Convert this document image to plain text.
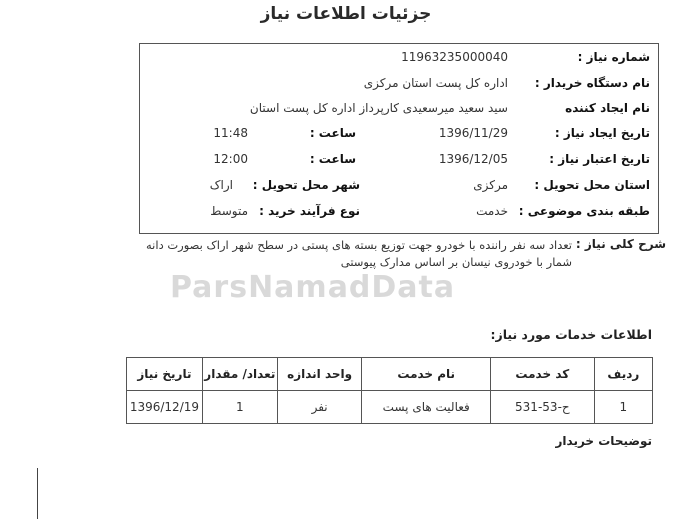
جزئیات اطلاعات نیاز
ParsNamadData
شماره نیاز :
11963235000040
نام دستگاه خریدار :
اداره کل پست استان مرکزی
نام ایجاد کننده
سید سعید میرسعیدی کارپرداز اداره کل پست استان
تاریخ ایجاد نیاز :
1396/11/29
ساعت :
11:48
تاریخ اعتبار نیاز :
1396/12/05
ساعت :
12:00
استان محل تحویل :
مرکزی
شهر محل تحویل :
اراک
طبقه بندی موضوعی :
خدمت
نوع فرآیند خرید :
متوسط
شرح کلی نیاز :
تعداد سه نفر راننده با خودرو جهت توزیع بسته های پستی در سطح شهر اراک بصورت دانه شمار با خودروی نیسان بر اساس مدارک پیوستی
اطلاعات خدمات مورد نیاز:
ردیف	کد خدمت	نام خدمت	واحد اندازه	تعداد/ مقدار	تاریخ نیاز
1	ح-53-531	فعالیت های پست	نفر	1	1396/12/19
توضیحات خریدار
